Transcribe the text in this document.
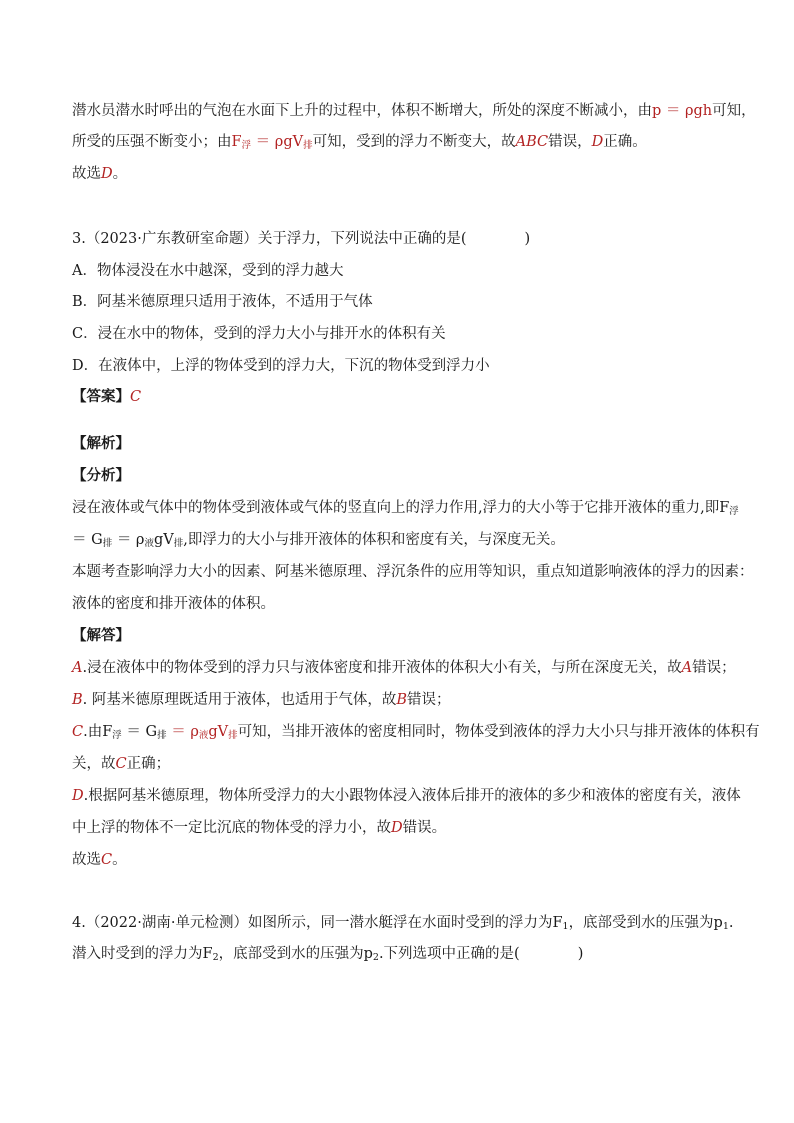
潜水员潜水时呼出的气泡在水面下上升的过程中，体积不断增大，所处的深度不断减小，由p ＝ ρgh可知，
所受的压强不断变小；由$F_浮 = \rho gV_排$可知，受到的浮力不断变大，故ABC错误，D正确。
故选D。
3.（2023·广东教研室命题）关于浮力，下列说法中正确的是(　　　　)
A．物体浸没在水中越深，受到的浮力越大
B．阿基米德原理只适用于液体，不适用于气体
C．浸在水中的物体，受到的浮力大小与排开水的体积有关
D．在液体中，上浮的物体受到的浮力大，下沉的物体受到浮力小
【答案】C
【解析】
【分析】
浸在液体或气体中的物体受到液体或气体的竖直向上的浮力作用,浮力的大小等于它排开液体的重力,即$F_浮$
＝ $G_排 = \rho_液gV_排$,即浮力的大小与排开液体的体积和密度有关，与深度无关。
本题考查影响浮力大小的因素、阿基米德原理、浮沉条件的应用等知识，重点知道影响液体的浮力的因素：
液体的密度和排开液体的体积。
【解答】
A.浸在液体中的物体受到的浮力只与液体密度和排开液体的体积大小有关，与所在深度无关，故A错误；
B. 阿基米德原理既适用于液体，也适用于气体，故B错误；
C.由$F_浮 = G_排 = \rho_液gV_排$可知，当排开液体的密度相同时，物体受到液体的浮力大小只与排开液体的体积有
关，故C正确；
D.根据阿基米德原理，物体所受浮力的大小跟物体浸入液体后排开的液体的多少和液体的密度有关，液体
中上浮的物体不一定比沉底的物体受的浮力小，故D错误。
故选C。
4.（2022·湖南·单元检测）如图所示，同一潜水艇浮在水面时受到的浮力为$F_1$，底部受到水的压强为$p_1$.
潜入时受到的浮力为$F_2$，底部受到水的压强为$p_2$.下列选项中正确的是(　　　　)
